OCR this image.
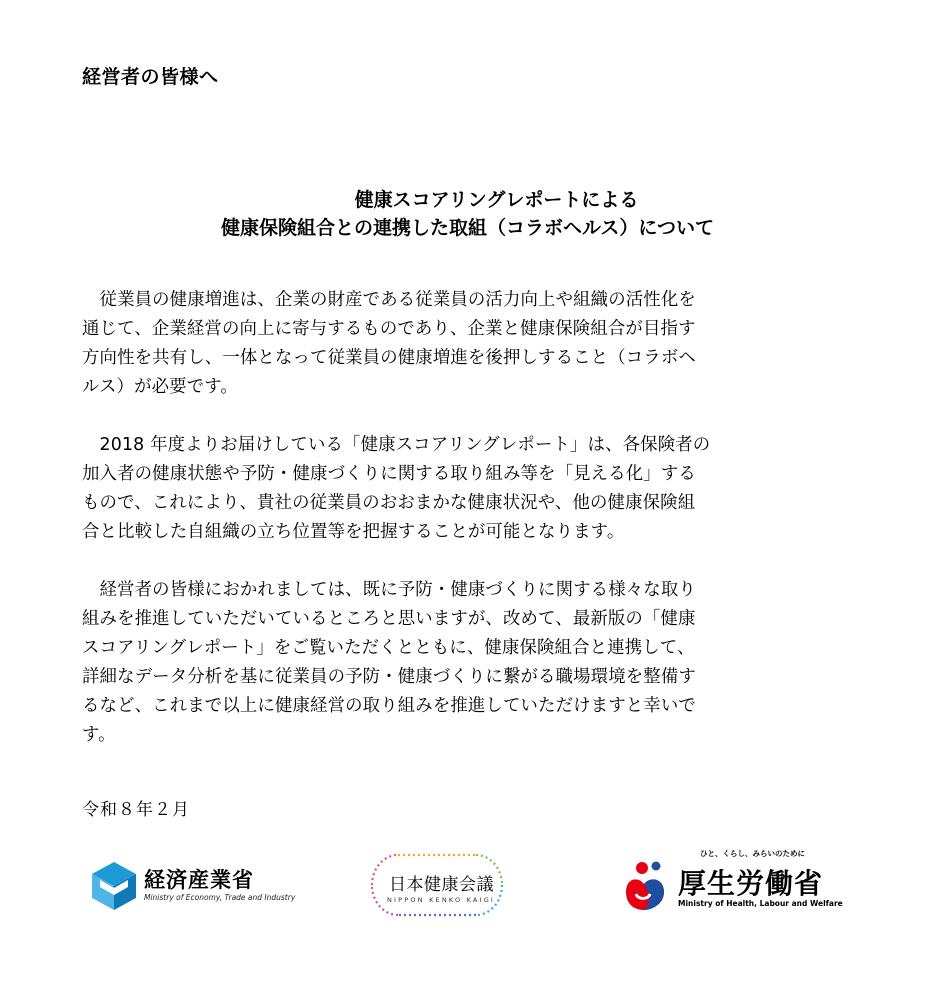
経営者の皆様へ
健康スコアリングレポートによる
健康保険組合との連携した取組（コラボヘルス）について
　従業員の健康増進は、企業の財産である従業員の活力向上や組織の活性化を
通じて、企業経営の向上に寄与するものであり、企業と健康保険組合が目指す
方向性を共有し、一体となって従業員の健康増進を後押しすること（コラボヘ
ルス）が必要です。
　2018 年度よりお届けしている「健康スコアリングレポート」は、各保険者の
加入者の健康状態や予防・健康づくりに関する取り組み等を「見える化」する
もので、これにより、貴社の従業員のおおまかな健康状況や、他の健康保険組
合と比較した自組織の立ち位置等を把握することが可能となります。
　経営者の皆様におかれましては、既に予防・健康づくりに関する様々な取り
組みを推進していただいているところと思いますが、改めて、最新版の「健康
スコアリングレポート」をご覧いただくとともに、健康保険組合と連携して、
詳細なデータ分析を基に従業員の予防・健康づくりに繋がる職場環境を整備す
るなど、これまで以上に健康経営の取り組みを推進していただけますと幸いで
す。
令和８年２月
経済産業省
Ministry of Economy, Trade and Industry
日本健康会議
NIPPON KENKO KAIGI
ひと、くらし、みらいのために
厚生労働省
Ministry of Health, Labour and Welfare
